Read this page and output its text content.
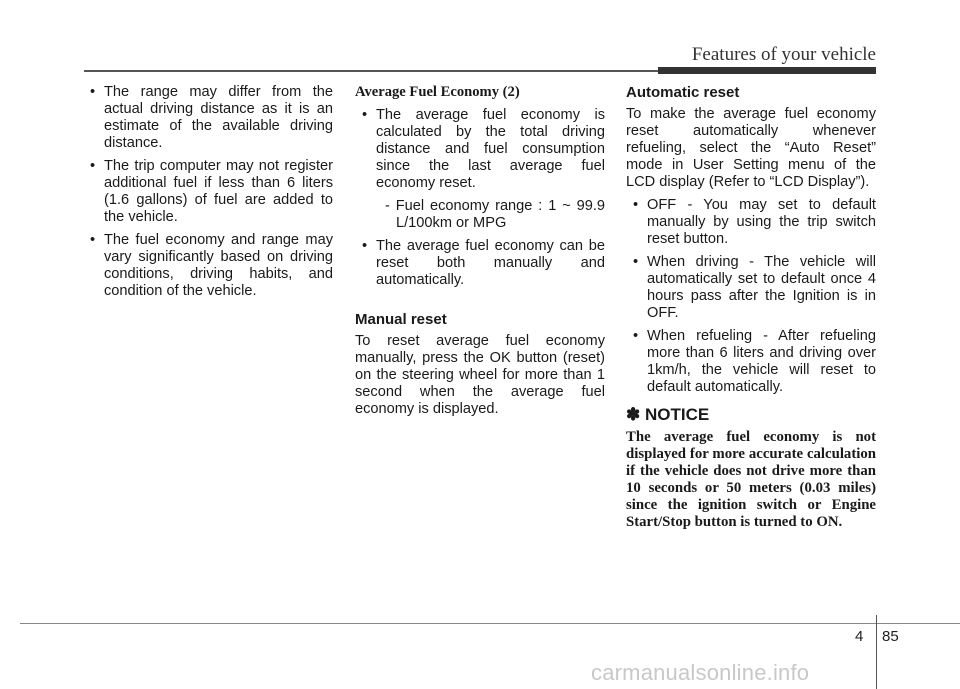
Features of your vehicle
• The range may differ from the actual driving distance as it is an estimate of the available driving distance.
• The trip computer may not register additional fuel if less than 6 liters (1.6 gallons) of fuel are added to the vehicle.
• The fuel economy and range may vary significantly based on driving conditions, driving habits, and condition of the vehicle.
Average Fuel Economy (2)
• The average fuel economy is calculated by the total driving distance and fuel consumption since the last average fuel economy reset.
- Fuel economy range : 1 ~ 99.9 L/100km or MPG
• The average fuel economy can be reset both manually and automatically.
Manual reset

To reset average fuel economy manually, press the OK button (reset) on the steering wheel for more than 1 second when the average fuel economy is displayed.

Automatic reset

To make the average fuel economy reset automatically whenever refueling, select the “Auto Reset” mode in User Setting menu of the LCD display (Refer to “LCD Display”).

• OFF - You may set to default manually by using the trip switch reset button.
• When driving - The vehicle will automatically set to default once 4 hours pass after the Ignition is in OFF.
• When refueling - After refueling more than 6 liters and driving over 1km/h, the vehicle will reset to default automatically.
✽ NOTICE

The average fuel economy is not displayed for more accurate calculation if the vehicle does not drive more than 10 seconds or 50 meters (0.03 miles) since the ignition switch or Engine Start/Stop button is turned to ON.

4 85
carmanualsonline.info
